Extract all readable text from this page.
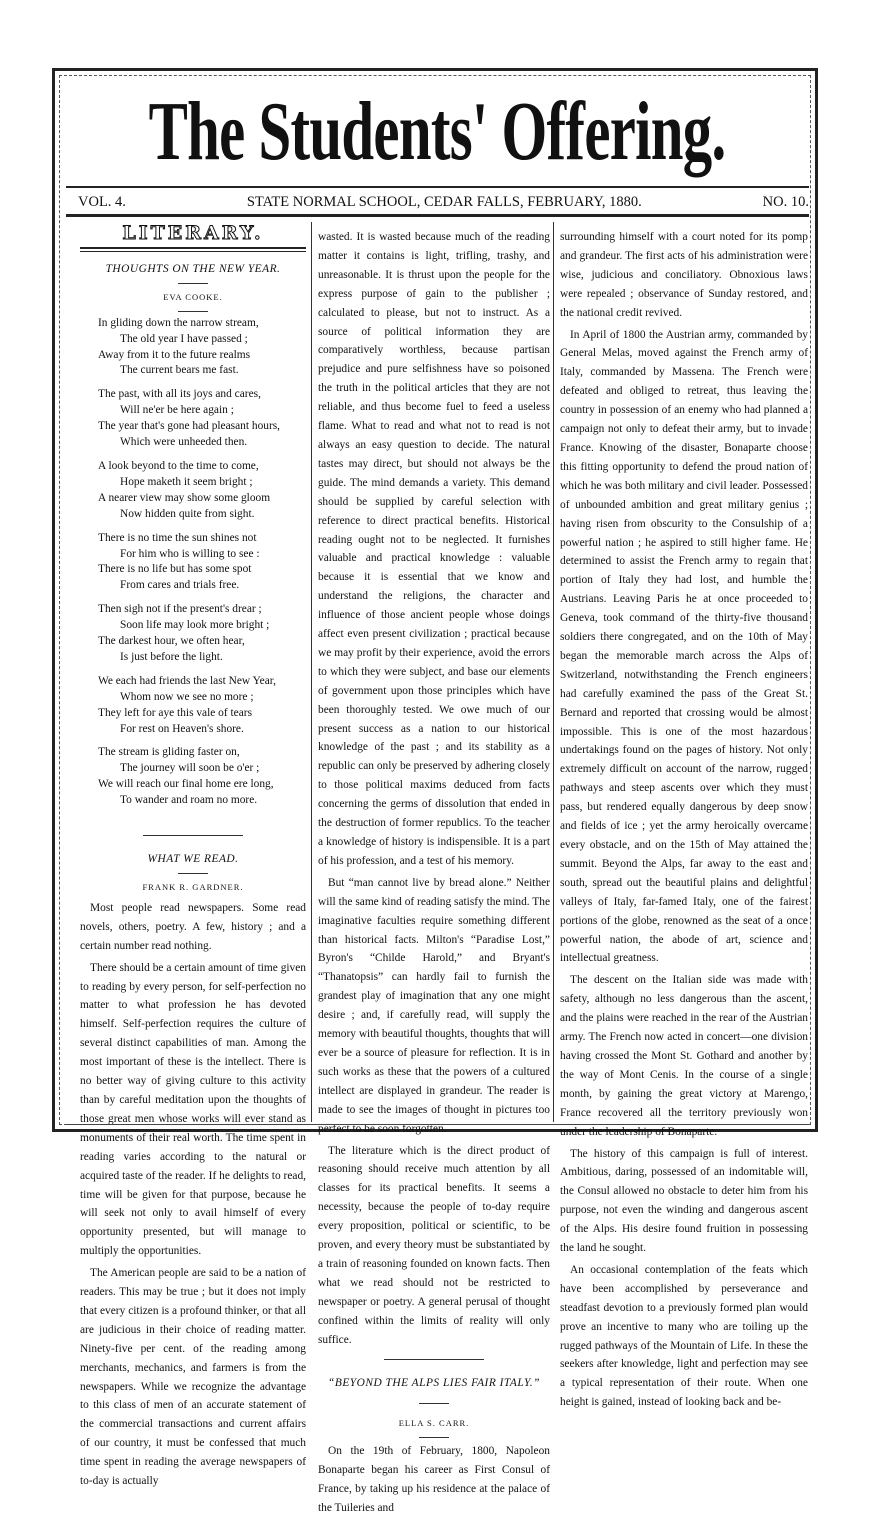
The Students' Offering.
VOL. 4.	STATE NORMAL SCHOOL, CEDAR FALLS, FEBRUARY, 1880.	NO. 10.
LITERARY.
THOUGHTS ON THE NEW YEAR.
EVA COOKE.
In gliding down the narrow stream,
The old year I have passed ;
Away from it to the future realms
The current bears me fast.
The past, with all its joys and cares,
Will ne'er be here again ;
The year that's gone had pleasant hours,
Which were unheeded then.
A look beyond to the time to come,
Hope maketh it seem bright ;
A nearer view may show some gloom
Now hidden quite from sight.
There is no time the sun shines not
For him who is willing to see :
There is no life but has some spot
From cares and trials free.
Then sigh not if the present's drear ;
Soon life may look more bright ;
The darkest hour, we often hear,
Is just before the light.
We each had friends the last New Year,
Whom now we see no more ;
They left for aye this vale of tears
For rest on Heaven's shore.
The stream is gliding faster on,
The journey will soon be o'er ;
We will reach our final home ere long,
To wander and roam no more.
WHAT WE READ.
FRANK R. GARDNER.

Most people read newspapers. Some read novels, others, poetry. A few, history ; and a certain number read nothing.

There should be a certain amount of time given to reading by every person, for self-perfection no matter to what profession he has devoted himself. Self-perfection requires the culture of several distinct capabilities of man. Among the most important of these is the intellect. There is no better way of giving culture to this activity than by careful meditation upon the thoughts of those great men whose works will ever stand as monuments of their real worth. The time spent in reading varies according to the natural or acquired taste of the reader. If he delights to read, time will be given for that purpose, because he will seek not only to avail himself of every opportunity presented, but will manage to multiply the opportunities.

The American people are said to be a nation of readers. This may be true ; but it does not imply that every citizen is a profound thinker, or that all are judicious in their choice of reading matter. Ninety-five per cent. of the reading among merchants, mechanics, and farmers is from the newspapers. While we recognize the advantage to this class of men of an accurate statement of the commercial transactions and current affairs of our country, it must be confessed that much time spent in reading the average newspapers of to-day is actually

wasted. It is wasted because much of the reading matter it contains is light, trifling, trashy, and unreasonable. It is thrust upon the people for the express purpose of gain to the publisher ; calculated to please, but not to instruct. As a source of political information they are comparatively worthless, because partisan prejudice and pure selfishness have so poisoned the truth in the political articles that they are not reliable, and thus become fuel to feed a useless flame. What to read and what not to read is not always an easy question to decide. The natural tastes may direct, but should not always be the guide. The mind demands a variety. This demand should be supplied by careful selection with reference to direct practical benefits. Historical reading ought not to be neglected. It furnishes valuable and practical knowledge : valuable because it is essential that we know and understand the religions, the character and influence of those ancient people whose doings affect even present civilization ; practical because we may profit by their experience, avoid the errors to which they were subject, and base our elements of government upon those principles which have been thoroughly tested. We owe much of our present success as a nation to our historical knowledge of the past ; and its stability as a republic can only be preserved by adhering closely to those political maxims deduced from facts concerning the germs of dissolution that ended in the destruction of former republics. To the teacher a knowledge of history is indispensible. It is a part of his profession, and a test of his memory.

But “man cannot live by bread alone.” Neither will the same kind of reading satisfy the mind. The imaginative faculties require something different than historical facts. Milton's “Paradise Lost,” Byron's “Childe Harold,” and Bryant's “Thanatopsis” can hardly fail to furnish the grandest play of imagination that any one might desire ; and, if carefully read, will supply the memory with beautiful thoughts, thoughts that will ever be a source of pleasure for reflection. It is in such works as these that the powers of a cultured intellect are displayed in grandeur. The reader is made to see the images of thought in pictures too perfect to be soon forgotten.

The literature which is the direct product of reasoning should receive much attention by all classes for its practical benefits. It seems a necessity, because the people of to-day require every proposition, political or scientific, to be proven, and every theory must be substantiated by a train of reasoning founded on known facts. Then what we read should not be restricted to newspaper or poetry. A general perusal of thought confined within the limits of reality will only suffice.

“BEYOND THE ALPS LIES FAIR ITALY.”
ELLA S. CARR.

On the 19th of February, 1800, Napoleon Bonaparte began his career as First Consul of France, by taking up his residence at the palace of the Tuileries and

surrounding himself with a court noted for its pomp and grandeur. The first acts of his administration were wise, judicious and conciliatory. Obnoxious laws were repealed ; observance of Sunday restored, and the national credit revived.

In April of 1800 the Austrian army, commanded by General Melas, moved against the French army of Italy, commanded by Massena. The French were defeated and obliged to retreat, thus leaving the country in possession of an enemy who had planned a campaign not only to defeat their army, but to invade France. Knowing of the disaster, Bonaparte choose this fitting opportunity to defend the proud nation of which he was both military and civil leader. Possessed of unbounded ambition and great military genius ; having risen from obscurity to the Consulship of a powerful nation ; he aspired to still higher fame. He determined to assist the French army to regain that portion of Italy they had lost, and humble the Austrians. Leaving Paris he at once proceeded to Geneva, took command of the thirty-five thousand soldiers there congregated, and on the 10th of May began the memorable march across the Alps of Switzerland, notwithstanding the French engineers had carefully examined the pass of the Great St. Bernard and reported that crossing would be almost impossible. This is one of the most hazardous undertakings found on the pages of history. Not only extremely difficult on account of the narrow, rugged pathways and steep ascents over which they must pass, but rendered equally dangerous by deep snow and fields of ice ; yet the army heroically overcame every obstacle, and on the 15th of May attained the summit. Beyond the Alps, far away to the east and south, spread out the beautiful plains and delightful valleys of Italy, far-famed Italy, one of the fairest portions of the globe, renowned as the seat of a once powerful nation, the abode of art, science and intellectual greatness.

The descent on the Italian side was made with safety, although no less dangerous than the ascent, and the plains were reached in the rear of the Austrian army. The French now acted in concert—one division having crossed the Mont St. Gothard and another by the way of Mont Cenis. In the course of a single month, by gaining the great victory at Marengo, France recovered all the territory previously won under the leadership of Bonaparte.

The history of this campaign is full of interest. Ambitious, daring, possessed of an indomitable will, the Consul allowed no obstacle to deter him from his purpose, not even the winding and dangerous ascent of the Alps. His desire found fruition in possessing the land he sought.

An occasional contemplation of the feats which have been accomplished by perseverance and steadfast devotion to a previously formed plan would prove an incentive to many who are toiling up the rugged pathways of the Mountain of Life. In these the seekers after knowledge, light and perfection may see a typical representation of their route. When one height is gained, instead of looking back and be-
